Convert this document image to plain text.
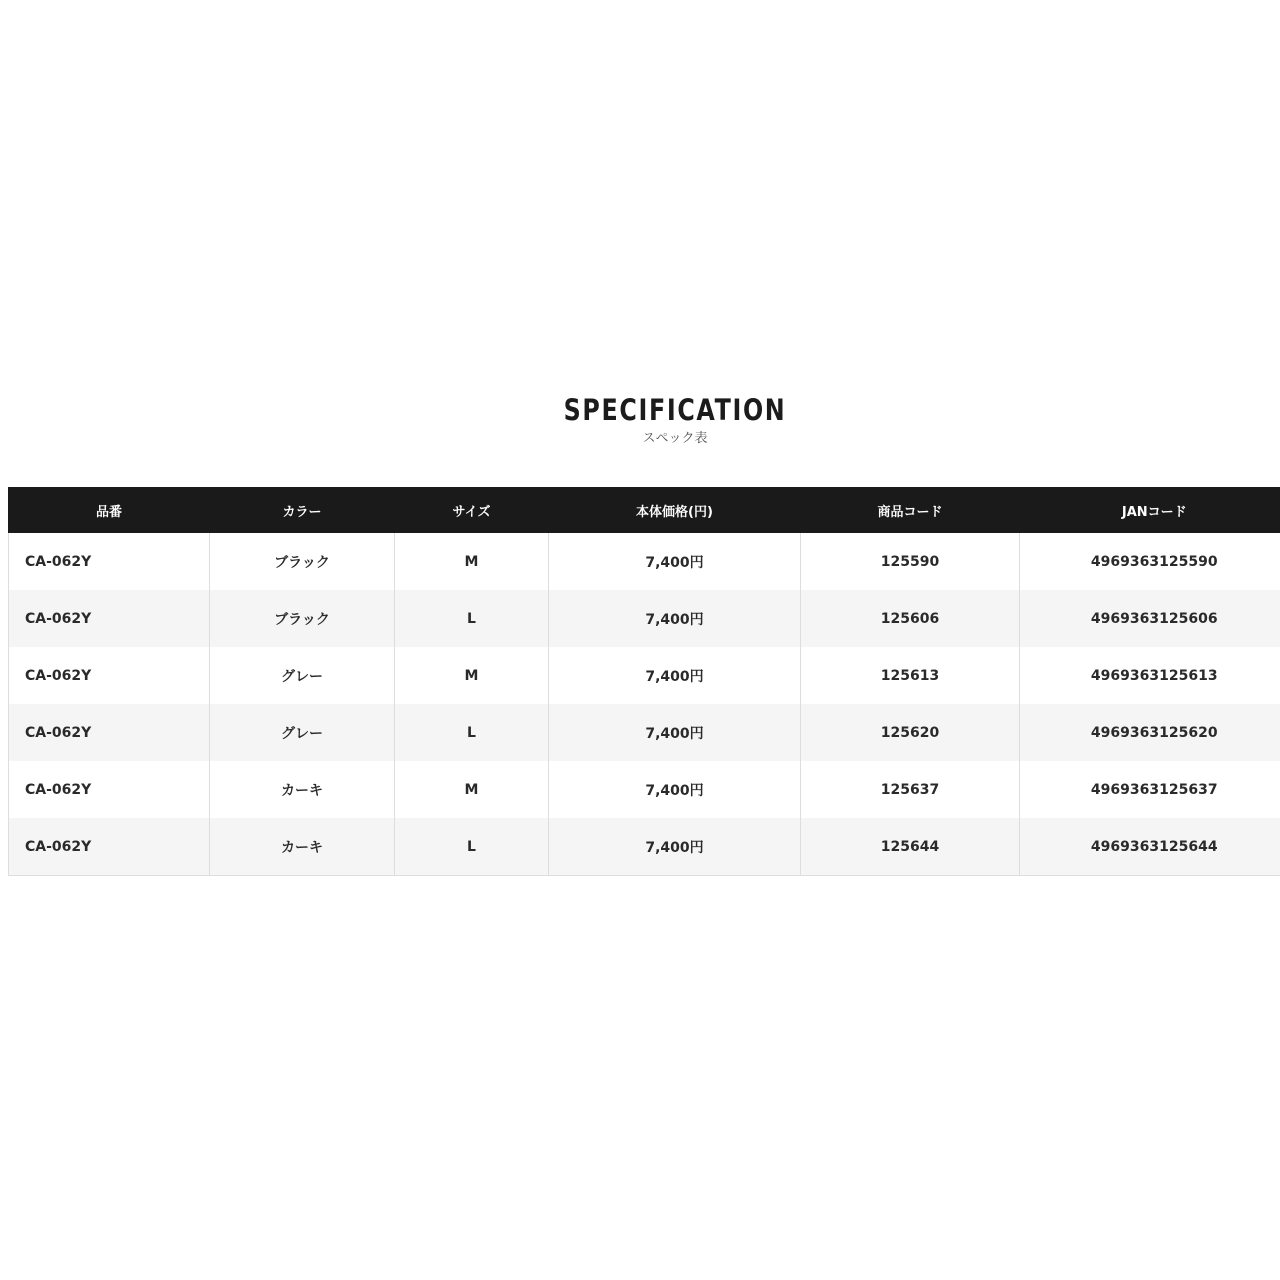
SPECIFICATION
スペック表
品番	カラー	サイズ	本体価格(円)	商品コード	JANコード
CA-062Y	ブラック	M	7,400円	125590	4969363125590
CA-062Y	ブラック	L	7,400円	125606	4969363125606
CA-062Y	グレー	M	7,400円	125613	4969363125613
CA-062Y	グレー	L	7,400円	125620	4969363125620
CA-062Y	カーキ	M	7,400円	125637	4969363125637
CA-062Y	カーキ	L	7,400円	125644	4969363125644
